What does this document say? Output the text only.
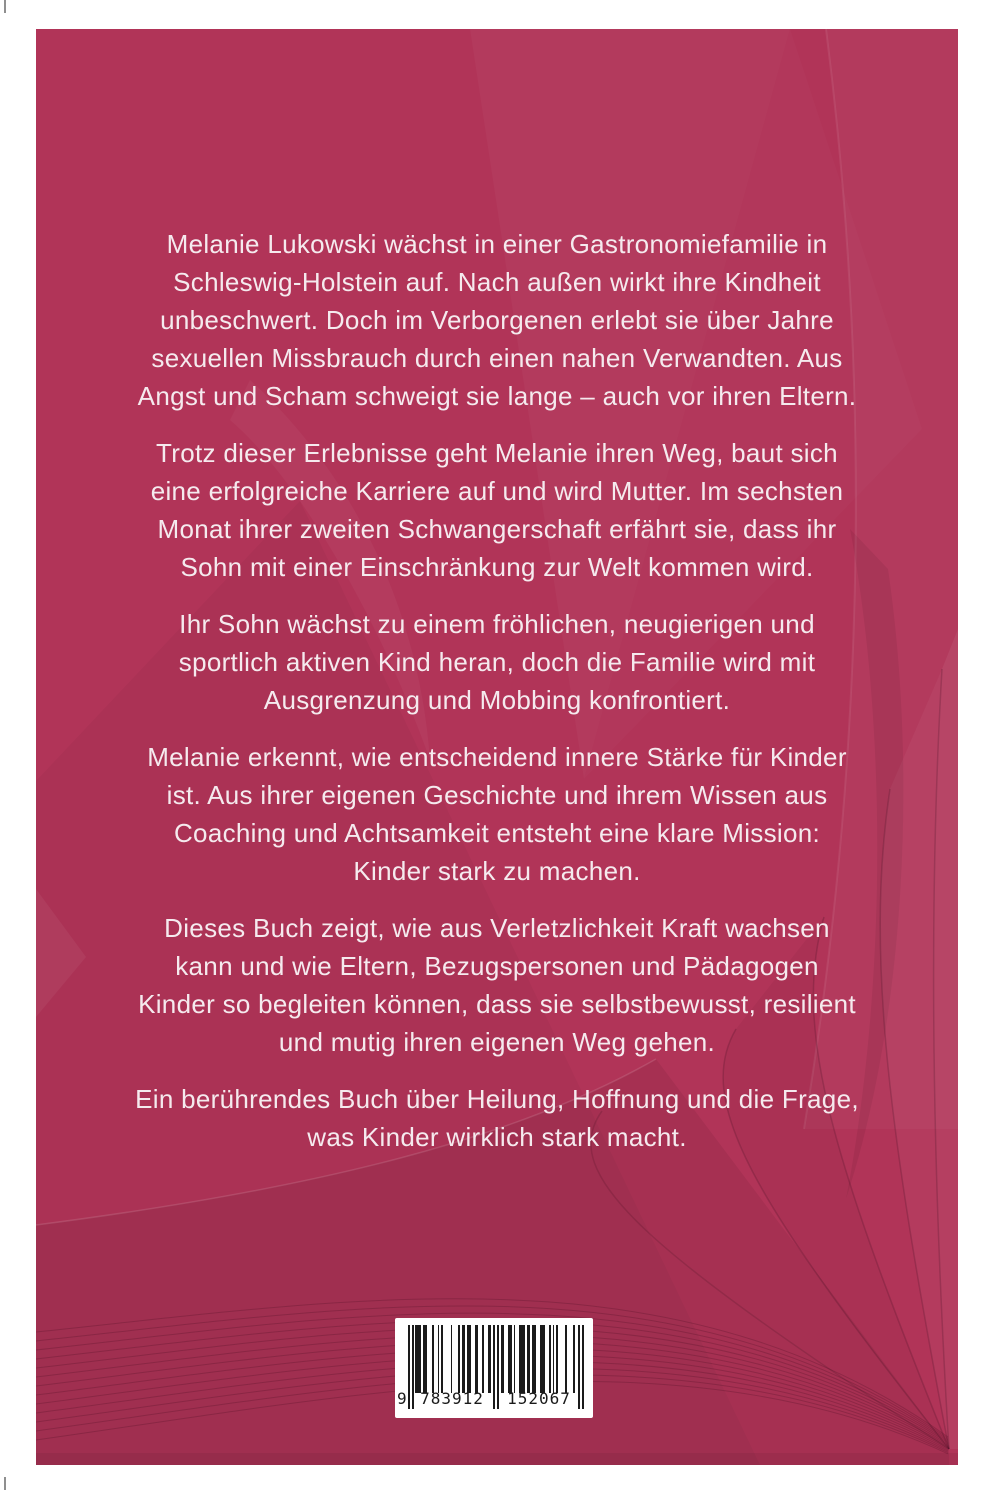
Melanie Lukowski wächst in einer Gastronomiefamilie in Schleswig-Holstein auf. Nach außen wirkt ihre Kindheit unbeschwert. Doch im Verborgenen erlebt sie über Jahre sexuellen Missbrauch durch einen nahen Verwandten. Aus Angst und Scham schweigt sie lange – auch vor ihren Eltern.

Trotz dieser Erlebnisse geht Melanie ihren Weg, baut sich eine erfolgreiche Karriere auf und wird Mutter. Im sechsten Monat ihrer zweiten Schwangerschaft erfährt sie, dass ihr Sohn mit einer Einschränkung zur Welt kommen wird.

Ihr Sohn wächst zu einem fröhlichen, neugierigen und sportlich aktiven Kind heran, doch die Familie wird mit Ausgrenzung und Mobbing konfrontiert.

Melanie erkennt, wie entscheidend innere Stärke für Kinder ist. Aus ihrer eigenen Geschichte und ihrem Wissen aus Coaching und Achtsamkeit entsteht eine klare Mission: Kinder stark zu machen.

Dieses Buch zeigt, wie aus Verletzlichkeit Kraft wachsen kann und wie Eltern, Bezugspersonen und Pädagogen Kinder so begleiten können, dass sie selbstbewusst, resilient und mutig ihren eigenen Weg gehen.

Ein berührendes Buch über Heilung, Hoffnung und die Frage, was Kinder wirklich stark macht.

9 783912	152067
